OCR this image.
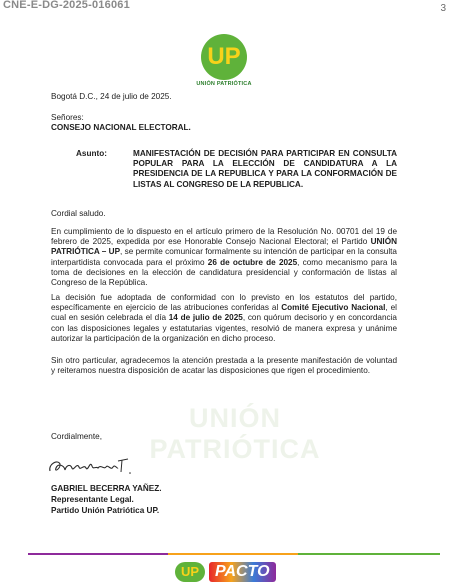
CNE-E-DG-2025-016061	3
UP
UNIÓN PATRIÓTICA
UNIÓN PATRIÓTICA
Bogotá D.C., 24 de julio de 2025.
Señores:
CONSEJO NACIONAL ELECTORAL.
Asunto:	MANIFESTACIÓN DE DECISIÓN PARA PARTICIPAR EN CONSULTA POPULAR PARA LA ELECCIÓN DE CANDIDATURA A LA PRESIDENCIA DE LA REPUBLICA Y PARA LA CONFORMACIÓN DE LISTAS AL CONGRESO DE LA REPUBLICA.
Cordial saludo.
En cumplimiento de lo dispuesto en el artículo primero de la Resolución No. 00701 del 19 de febrero de 2025, expedida por ese Honorable Consejo Nacional Electoral; el Partido UNIÓN PATRIÓTICA – UP, se permite comunicar formalmente su intención de participar en la consulta interpartidista convocada para el próximo 26 de octubre de 2025, como mecanismo para la toma de decisiones en la elección de candidatura presidencial y conformación de listas al Congreso de la República.
La decisión fue adoptada de conformidad con lo previsto en los estatutos del partido, específicamente en ejercicio de las atribuciones conferidas al Comité Ejecutivo Nacional, el cual en sesión celebrada el día 14 de julio de 2025, con quórum decisorio y en concordancia con las disposiciones legales y estatutarias vigentes, resolvió de manera expresa y unánime autorizar la participación de la organización en dicho proceso.
Sin otro particular, agradecemos la atención prestada a la presente manifestación de voluntad y reiteramos nuestra disposición de acatar las disposiciones que rigen el procedimiento.
Cordialmente,
GABRIEL BECERRA YAÑEZ.
Representante Legal.
Partido Unión Patriótica UP.
UP PACTO
